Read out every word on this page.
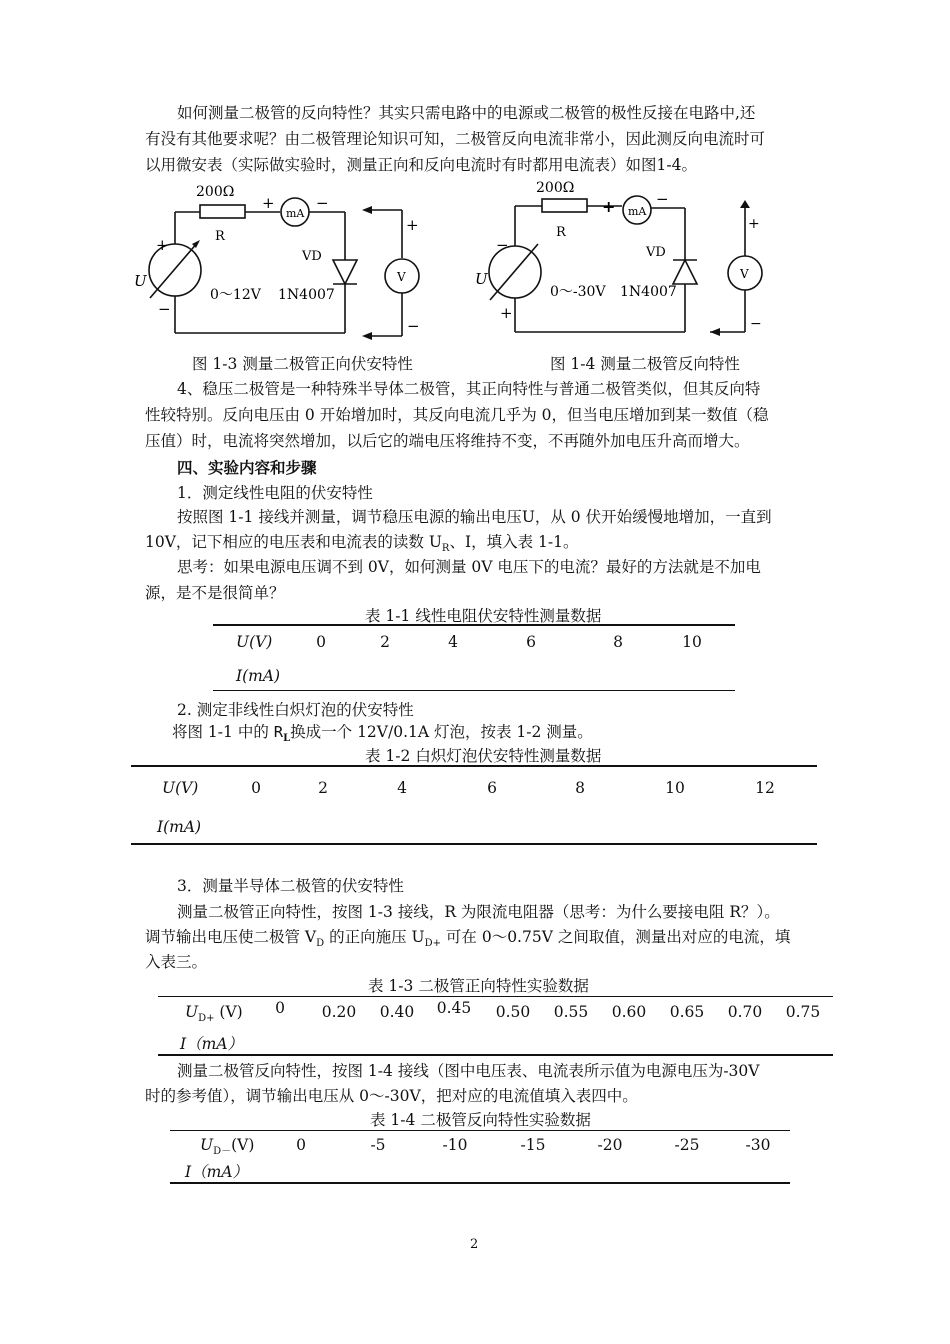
如何测量二极管的反向特性？其实只需电路中的电源或二极管的极性反接在电路中,还
有没有其他要求呢？由二极管理论知识可知，二极管反向电流非常小，因此测反向电流时可
以用微安表（实际做实验时，测量正向和反向电流时有时都用电流表）如图1-4。
200Ω
R
+
mA
−
VD
1N4007
0～12V
+
−
U	V
+
−
200Ω
R
+ mA
−
VD
1N4007
0～-30V
−
+
U	V
+
−
图 1-3 测量二极管正向伏安特性	图 1-4 测量二极管反向特性
4、稳压二极管是一种特殊半导体二极管，其正向特性与普通二极管类似，但其反向特
性较特别。反向电压由 0 开始增加时，其反向电流几乎为 0，但当电压增加到某一数值（稳
压值）时，电流将突然增加，以后它的端电压将维持不变，不再随外加电压升高而增大。
四、实验内容和步骤
1．测定线性电阻的伏安特性
按照图 1-1 接线并测量，调节稳压电源的输出电压U，从 0 伏开始缓慢地增加，一直到
10V，记下相应的电压表和电流表的读数 $U_R$、I，填入表 1-1。
思考：如果电源电压调不到 0V，如何测量 0V 电压下的电流？最好的方法就是不加电
源，是不是很简单？
表 1-1 线性电阻伏安特性测量数据
U(V)	0	2	4	6	8	10
I(mA)
2. 测定非线性白炽灯泡的伏安特性
将图 1-1 中的 $R_L$换成一个 12V/0.1A 灯泡，按表 1-2 测量。
表 1-2 白炽灯泡伏安特性测量数据
U(V)	0	2	4	6	8	10	12
I(mA)
3．测量半导体二极管的伏安特性
测量二极管正向特性，按图 1-3 接线，R 为限流电阻器（思考：为什么要接电阻 R？）。
调节输出电压使二极管 $V_D$ 的正向施压 $U_{D+}$ 可在 0～0.75V 之间取值，测量出对应的电流，填
入表三。
表 1-3 二极管正向特性实验数据
$U_{D+}$ (V)	0	0.20	0.40	0.45	0.50	0.55	0.60	0.65	0.70	0.75
I（mA）
测量二极管反向特性，按图 1-4 接线（图中电压表、电流表所示值为电源电压为-30V
时的参考值），调节输出电压从 0～-30V，把对应的电流值填入表四中。
表 1-4 二极管反向特性实验数据
$U_{D-}(V)$	0	-5	-10	-15	-20	-25	-30
I（mA）
2
